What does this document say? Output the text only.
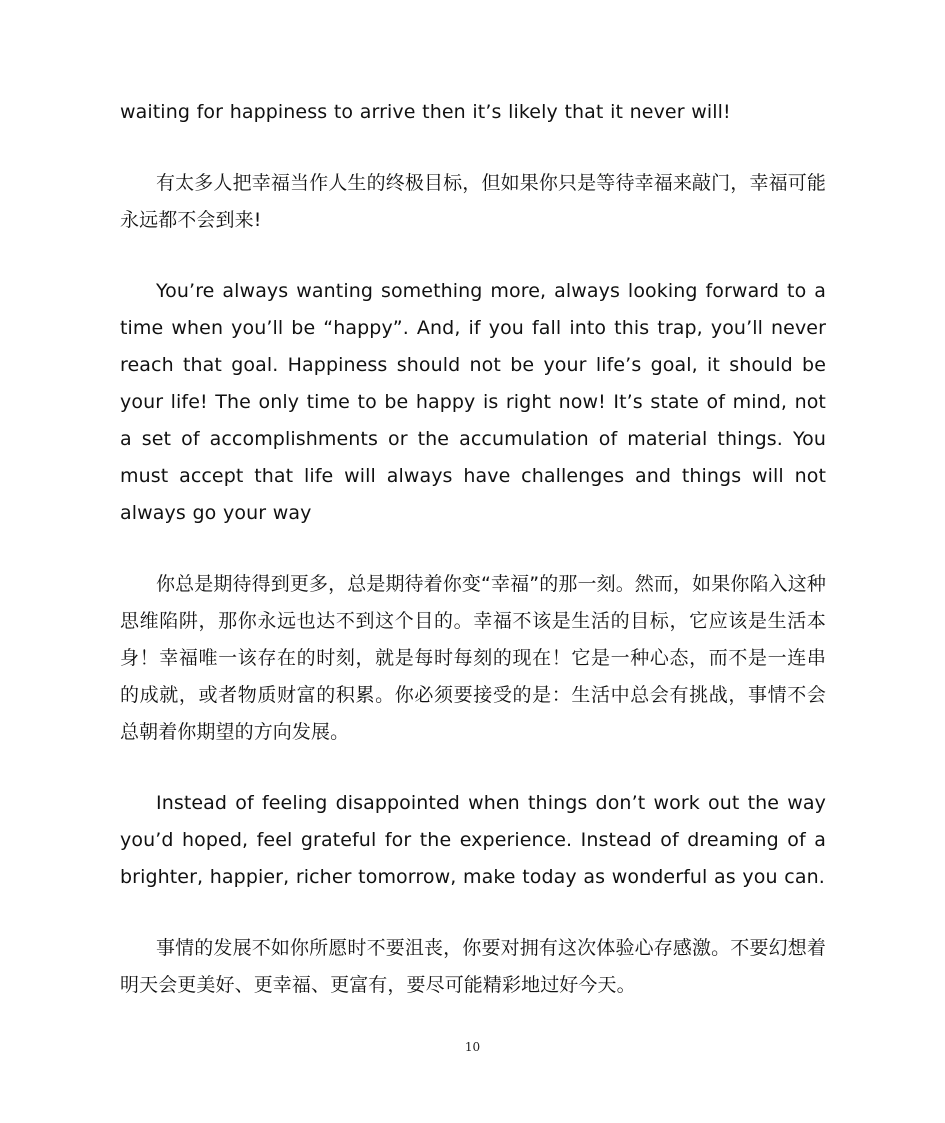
waiting for happiness to arrive then it’s likely that it never will!

有太多人把幸福当作人生的终极目标，但如果你只是等待幸福来敲门，幸福可能永远都不会到来!

You’re always wanting something more, always looking forward to a time when you’ll be “happy”. And, if you fall into this trap, you’ll never reach that goal. Happiness should not be your life’s goal, it should be your life! The only time to be happy is right now! It’s state of mind, not a set of accomplishments or the accumulation of material things. You must accept that life will always have challenges and things will not always go your way

你总是期待得到更多，总是期待着你变“幸福”的那一刻。然而，如果你陷入这种思维陷阱，那你永远也达不到这个目的。幸福不该是生活的目标，它应该是生活本身！幸福唯一该存在的时刻，就是每时每刻的现在！它是一种心态，而不是一连串的成就，或者物质财富的积累。你必须要接受的是：生活中总会有挑战，事情不会总朝着你期望的方向发展。

Instead of feeling disappointed when things don’t work out the way you’d hoped, feel grateful for the experience. Instead of dreaming of a brighter, happier, richer tomorrow, make today as wonderful as you can.

事情的发展不如你所愿时不要沮丧，你要对拥有这次体验心存感激。不要幻想着明天会更美好、更幸福、更富有，要尽可能精彩地过好今天。

10
